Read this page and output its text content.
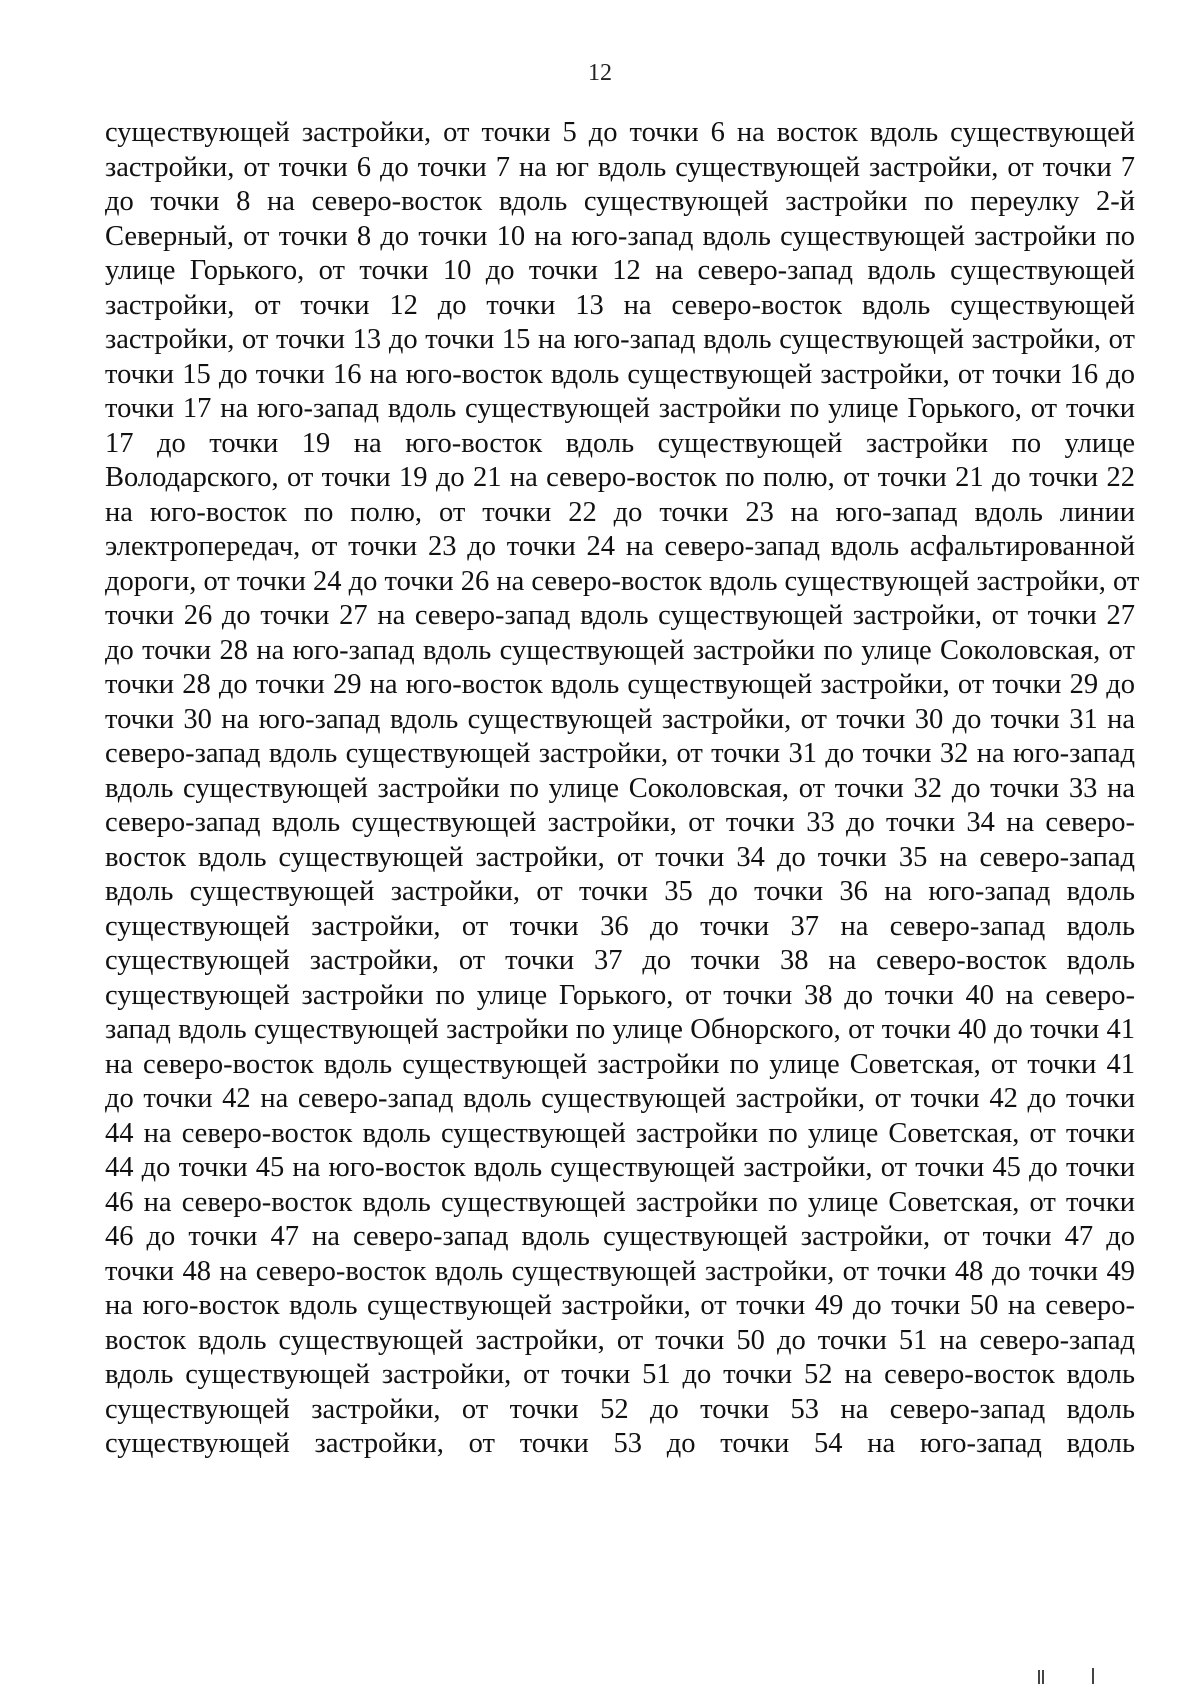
12
существующей застройки, от точки 5 до точки 6 на восток вдоль существующей
застройки, от точки 6 до точки 7 на юг вдоль существующей застройки, от точки 7
до точки 8 на северо-восток вдоль существующей застройки по переулку 2-й
Северный, от точки 8 до точки 10 на юго-запад вдоль существующей застройки по
улице Горького, от точки 10 до точки 12 на северо-запад вдоль существующей
застройки, от точки 12 до точки 13 на северо-восток вдоль существующей
застройки, от точки 13 до точки 15 на юго-запад вдоль существующей застройки, от
точки 15 до точки 16 на юго-восток вдоль существующей застройки, от точки 16 до
точки 17 на юго-запад вдоль существующей застройки по улице Горького, от точки
17 до точки 19 на юго-восток вдоль существующей застройки по улице
Володарского, от точки 19 до 21 на северо-восток по полю, от точки 21 до точки 22
на юго-восток по полю, от точки 22 до точки 23 на юго-запад вдоль линии
электропередач, от точки 23 до точки 24 на северо-запад вдоль асфальтированной
дороги, от точки 24 до точки 26 на северо-восток вдоль существующей застройки, от
точки 26 до точки 27 на северо-запад вдоль существующей застройки, от точки 27
до точки 28 на юго-запад вдоль существующей застройки по улице Соколовская, от
точки 28 до точки 29 на юго-восток вдоль существующей застройки, от точки 29 до
точки 30 на юго-запад вдоль существующей застройки, от точки 30 до точки 31 на
северо-запад вдоль существующей застройки, от точки 31 до точки 32 на юго-запад
вдоль существующей застройки по улице Соколовская, от точки 32 до точки 33 на
северо-запад вдоль существующей застройки, от точки 33 до точки 34 на северо-
восток вдоль существующей застройки, от точки 34 до точки 35 на северо-запад
вдоль существующей застройки, от точки 35 до точки 36 на юго-запад вдоль
существующей застройки, от точки 36 до точки 37 на северо-запад вдоль
существующей застройки, от точки 37 до точки 38 на северо-восток вдоль
существующей застройки по улице Горького, от точки 38 до точки 40 на северо-
запад вдоль существующей застройки по улице Обнорского, от точки 40 до точки 41
на северо-восток вдоль существующей застройки по улице Советская, от точки 41
до точки 42 на северо-запад вдоль существующей застройки, от точки 42 до точки
44 на северо-восток вдоль существующей застройки по улице Советская, от точки
44 до точки 45 на юго-восток вдоль существующей застройки, от точки 45 до точки
46 на северо-восток вдоль существующей застройки по улице Советская, от точки
46 до точки 47 на северо-запад вдоль существующей застройки, от точки 47 до
точки 48 на северо-восток вдоль существующей застройки, от точки 48 до точки 49
на юго-восток вдоль существующей застройки, от точки 49 до точки 50 на северо-
восток вдоль существующей застройки, от точки 50 до точки 51 на северо-запад
вдоль существующей застройки, от точки 51 до точки 52 на северо-восток вдоль
существующей застройки, от точки 52 до точки 53 на северо-запад вдоль
существующей застройки, от точки 53 до точки 54 на юго-запад вдоль
